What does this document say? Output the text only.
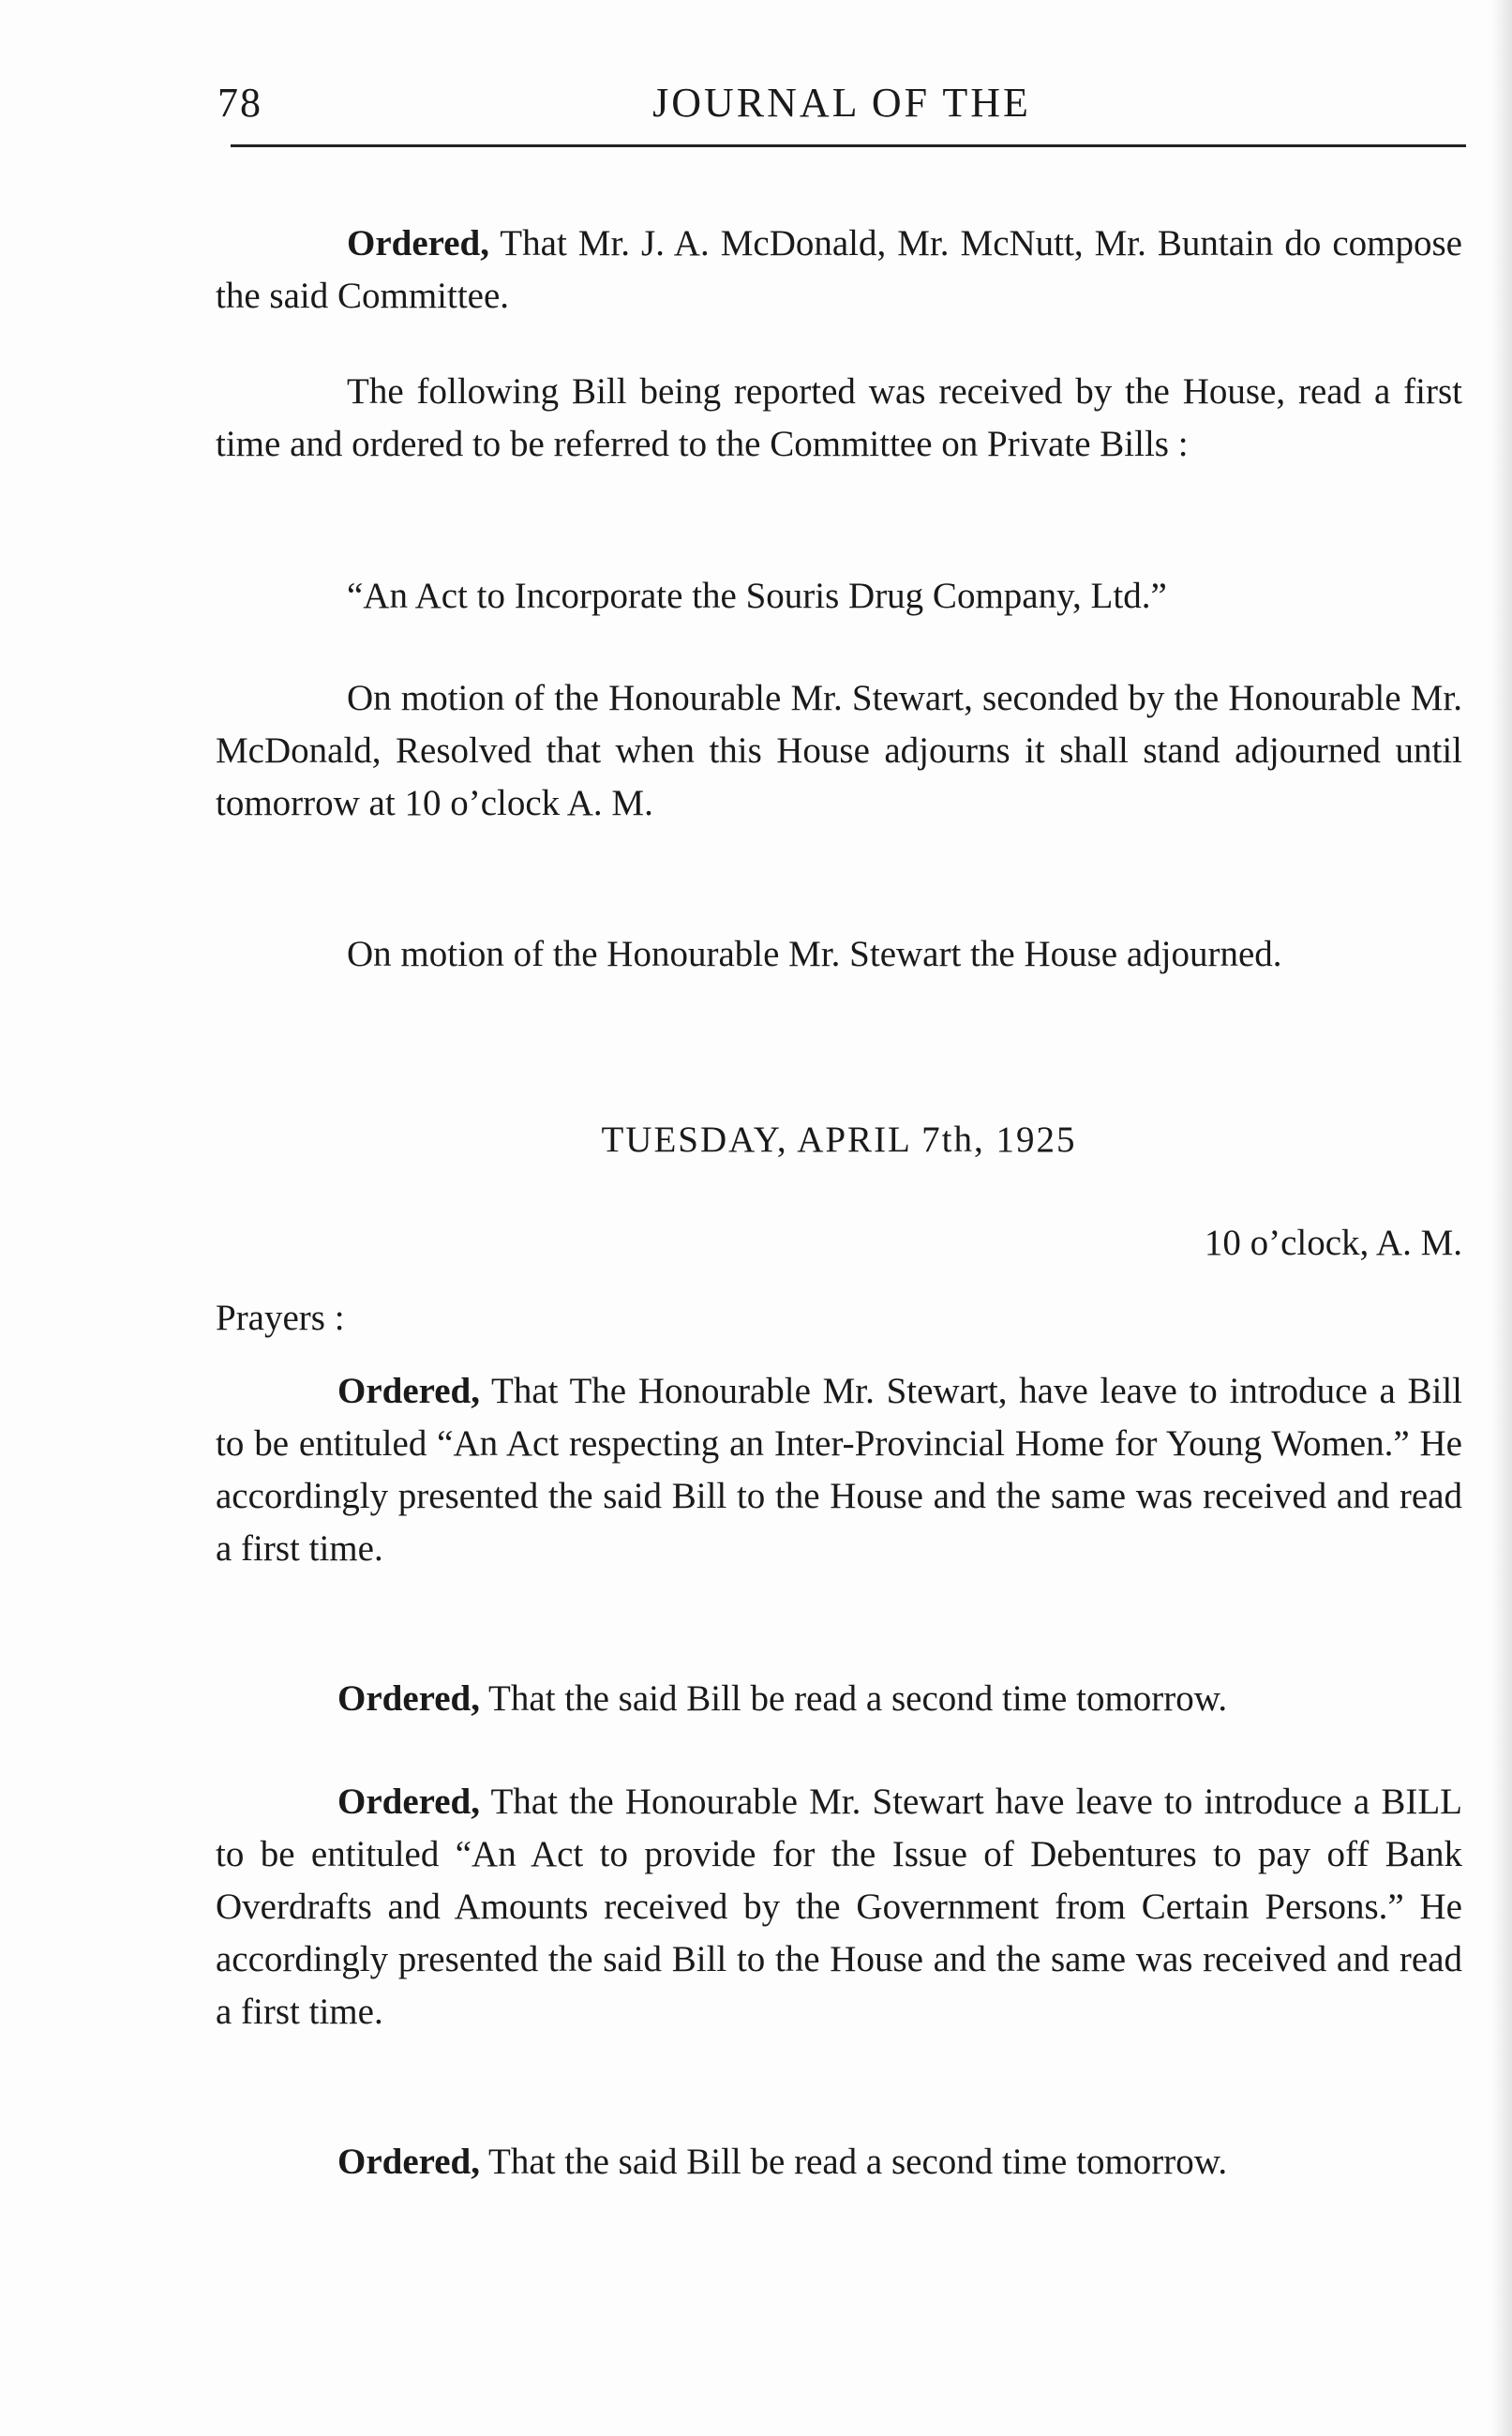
78	JOURNAL OF THE
Ordered, That Mr. J. A. McDonald, Mr. McNutt, Mr. Buntain do compose the said Committee.
The following Bill being reported was received by the House, read a first time and ordered to be referred to the Committee on Private Bills :
“An Act to Incorporate the Souris Drug Company, Ltd.”
On motion of the Honourable Mr. Stewart, seconded by the Honourable Mr. McDonald, Resolved that when this House adjourns it shall stand adjourned until tomorrow at 10 o’clock A. M.
On motion of the Honourable Mr. Stewart the House adjourned.
TUESDAY, APRIL 7th, 1925
10 o’clock, A. M.
Prayers :
Ordered, That The Honourable Mr. Stewart, have leave to introduce a Bill to be entituled “An Act respecting an Inter-Provincial Home for Young Women.” He accordingly presented the said Bill to the House and the same was received and read a first time.
Ordered, That the said Bill be read a second time tomorrow.
Ordered, That the Honourable Mr. Stewart have leave to introduce a BILL to be entituled “An Act to provide for the Issue of Debentures to pay off Bank Overdrafts and Amounts received by the Government from Certain Persons.” He accordingly presented the said Bill to the House and the same was received and read a first time.
Ordered, That the said Bill be read a second time tomorrow.
